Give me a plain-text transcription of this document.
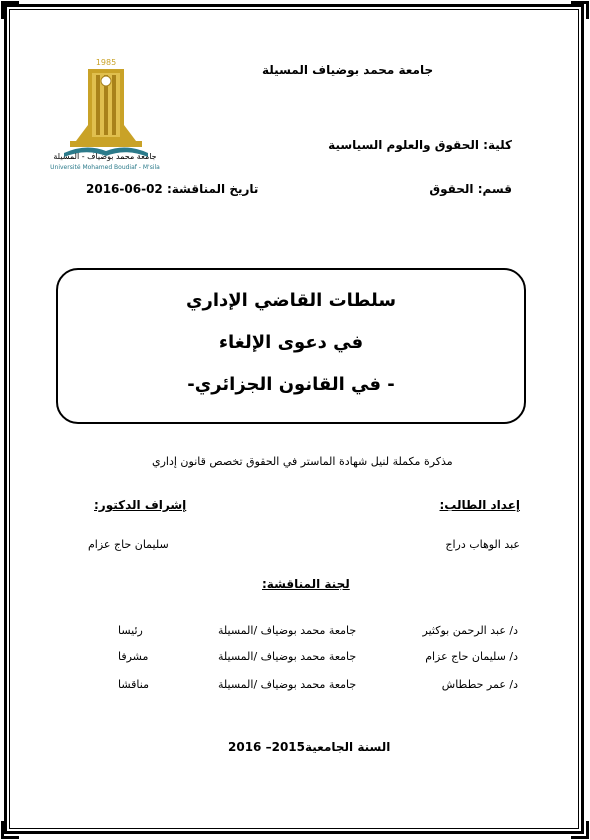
1985
جامعة محمد بوضياف - المسيلة
Université Mohamed Boudiaf - M'sila
جامعة محمد بوضياف المسيلة
كلية: الحقوق والعلوم السياسية
قسم: الحقوق
تاريخ المناقشة: 02-06-2016
سلطات القاضي الإداري
في دعوى الإلغاء
- في القانون الجزائري-
مذكرة مكملة لنيل شهادة الماستر في الحقوق تخصص قانون إداري
إعداد الطالب:
عبد الوهاب دراج
إشراف الدكتور:
سليمان حاج عزام
لجنة المناقشة:
د/ عبد الرحمن بوكثير
جامعة محمد بوضياف /المسيلة
رئيسا
د/ سليمان حاج عزام
جامعة محمد بوضياف /المسيلة
مشرفا
د/ عمر حططاش
جامعة محمد بوضياف /المسيلة
مناقشا
السنة الجامعية2015– 2016
